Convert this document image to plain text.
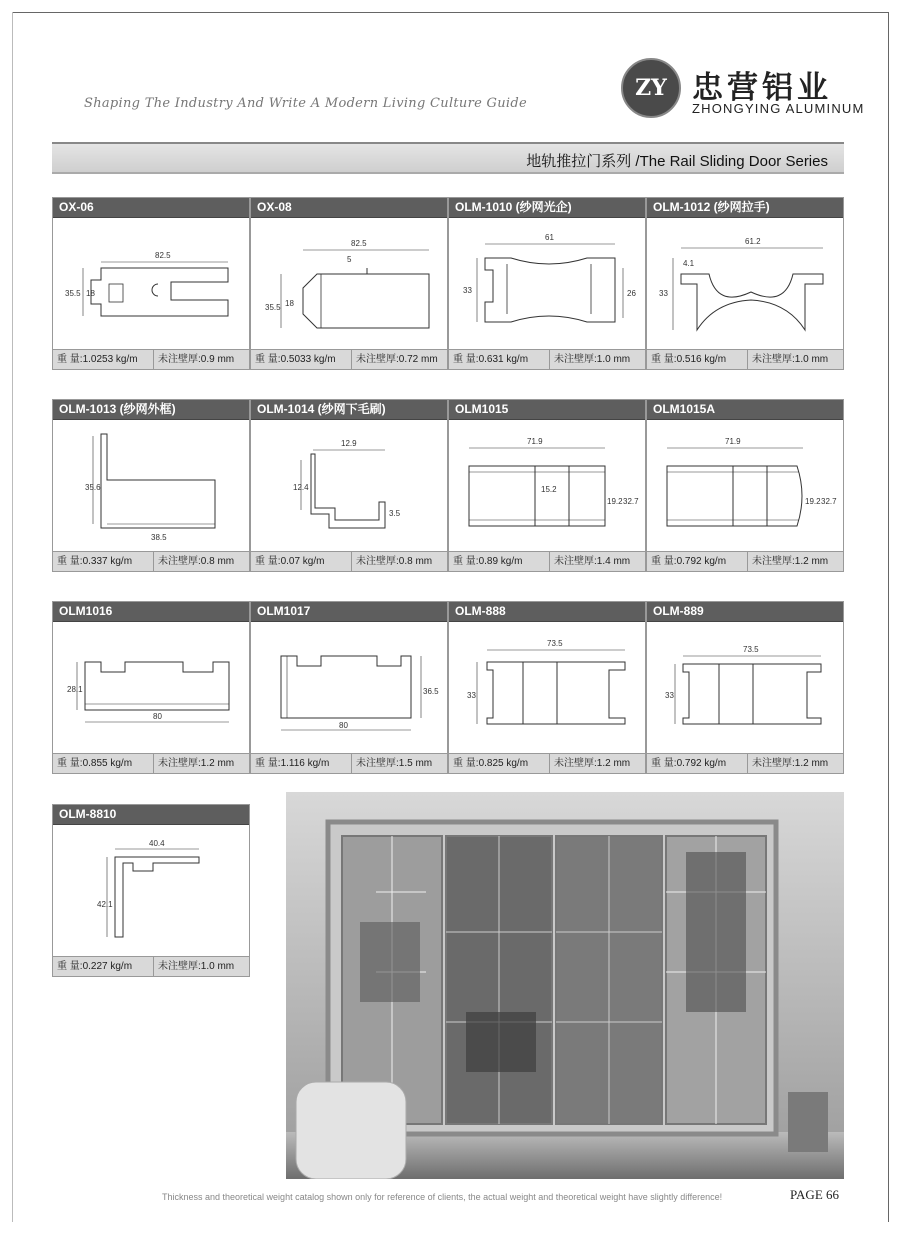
Shaping The Industry And Write A Modern Living Culture Guide
ZY 忠营铝业
ZHONGYING ALUMINUM
地轨推拉门系列 /The Rail Sliding Door Series
OX-06
82.5
35.5 18
重 量:1.0253 kg/m	未注壁厚:0.9 mm
OX-08
82.5
5
35.5 18
重 量:0.5033 kg/m	未注壁厚:0.72 mm
OLM-1010 (纱网光企)
61
33	26
重 量:0.631 kg/m	未注壁厚:1.0 mm
OLM-1012 (纱网拉手)
61.2
4.1
33
重 量:0.516 kg/m	未注壁厚:1.0 mm
OLM-1013 (纱网外框)
35.6
38.5
重 量:0.337 kg/m	未注壁厚:0.8 mm
OLM-1014 (纱网下毛刷)
12.9
12.4
3.5
重 量:0.07 kg/m	未注壁厚:0.8 mm
OLM1015
71.9
15.2
19.2 32.7
重 量:0.89 kg/m	未注壁厚:1.4 mm
OLM1015A
71.9
19.2 32.7
重 量:0.792 kg/m	未注壁厚:1.2 mm
OLM1016
28.1
80
重 量:0.855 kg/m	未注壁厚:1.2 mm
OLM1017
36.5
80
重 量:1.116 kg/m	未注壁厚:1.5 mm
OLM-888
73.5
33
重 量:0.825 kg/m	未注壁厚:1.2 mm
OLM-889
73.5
33
重 量:0.792 kg/m	未注壁厚:1.2 mm
OLM-8810
40.4
42.1
重 量:0.227 kg/m	未注壁厚:1.0 mm
Thickness and theoretical weight catalog shown only for reference of clients, the actual weight and theoretical weight have slightly difference!	PAGE 66
